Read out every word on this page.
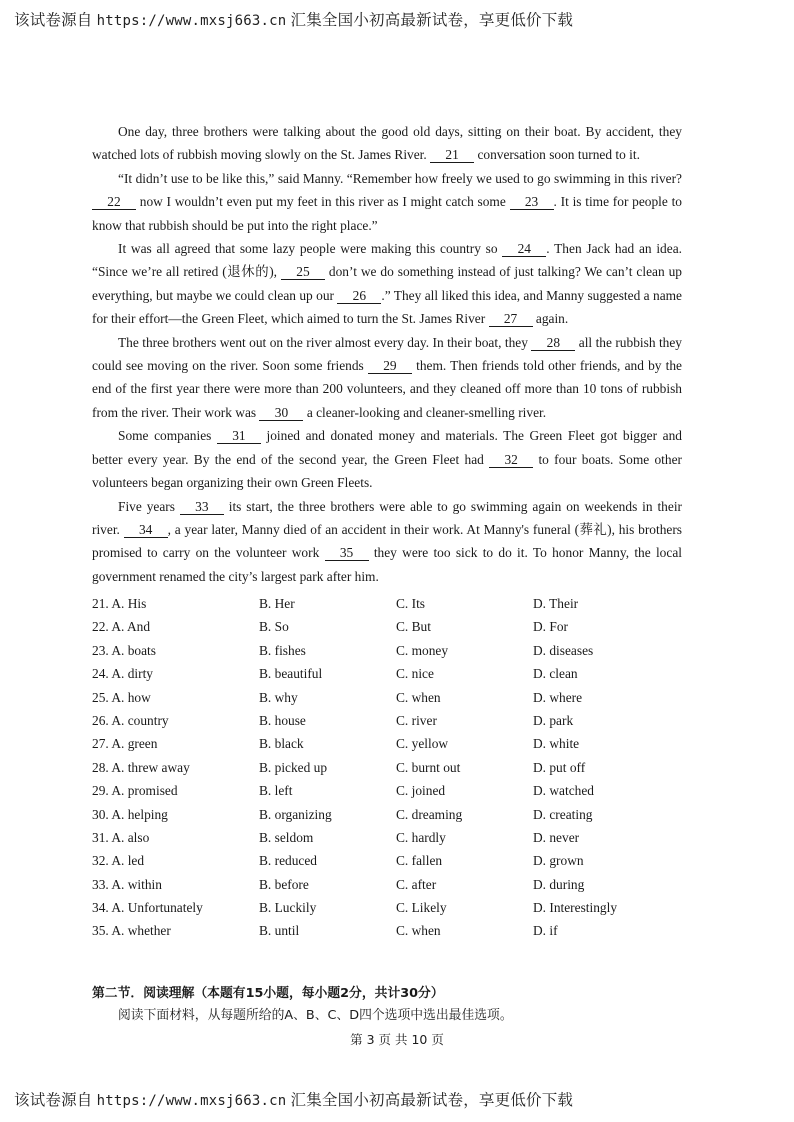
该试卷源自 https://www.mxsj663.cn 汇集全国小初高最新试卷，享更低价下载

One day, three brothers were talking about the good old days, sitting on their boat. By accident, they watched lots of rubbish moving slowly on the St. James River. 21 conversation soon turned to it.

“It didn’t use to be like this,” said Manny. “Remember how freely we used to go swimming in this river? 22 now I wouldn’t even put my feet in this river as I might catch some 23 . It is time for people to know that rubbish should be put into the right place.”

It was all agreed that some lazy people were making this country so 24 . Then Jack had an idea. “Since we’re all retired (退休的), 25 don’t we do something instead of just talking? We can’t clean up everything, but maybe we could clean up our 26 .” They all liked this idea, and Manny suggested a name for their effort—the Green Fleet, which aimed to turn the St. James River 27 again.

The three brothers went out on the river almost every day. In their boat, they 28 all the rubbish they could see moving on the river. Soon some friends 29 them. Then friends told other friends, and by the end of the first year there were more than 200 volunteers, and they cleaned off more than 10 tons of rubbish from the river. Their work was 30 a cleaner-looking and cleaner-smelling river.

Some companies 31 joined and donated money and materials. The Green Fleet got bigger and better every year. By the end of the second year, the Green Fleet had 32 to four boats. Some other volunteers began organizing their own Green Fleets.

Five years 33 its start, the three brothers were able to go swimming again on weekends in their river. 34 , a year later, Manny died of an accident in their work. At Manny's funeral (葬礼), his brothers promised to carry on the volunteer work 35 they were too sick to do it. To honor Manny, the local government renamed the city’s largest park after him.

21. A. His	B. Her	C. Its	D. Their
22. A. And	B. So	C. But	D. For
23. A. boats	B. fishes	C. money	D. diseases
24. A. dirty	B. beautiful	C. nice	D. clean
25. A. how	B. why	C. when	D. where
26. A. country	B. house	C. river	D. park
27. A. green	B. black	C. yellow	D. white
28. A. threw away	B. picked up	C. burnt out	D. put off
29. A. promised	B. left	C. joined	D. watched
30. A. helping	B. organizing	C. dreaming	D. creating
31. A. also	B. seldom	C. hardly	D. never
32. A. led	B. reduced	C. fallen	D. grown
33. A. within	B. before	C. after	D. during
34. A. Unfortunately	B. Luckily	C. Likely	D. Interestingly
35. A. whether	B. until	C. when	D. if
第二节．阅读理解（本题有15小题，每小题2分，共计30分）
阅读下面材料，从每题所给的A、B、C、D四个选项中选出最佳选项。
第 3 页 共 10 页
该试卷源自 https://www.mxsj663.cn 汇集全国小初高最新试卷，享更低价下载
